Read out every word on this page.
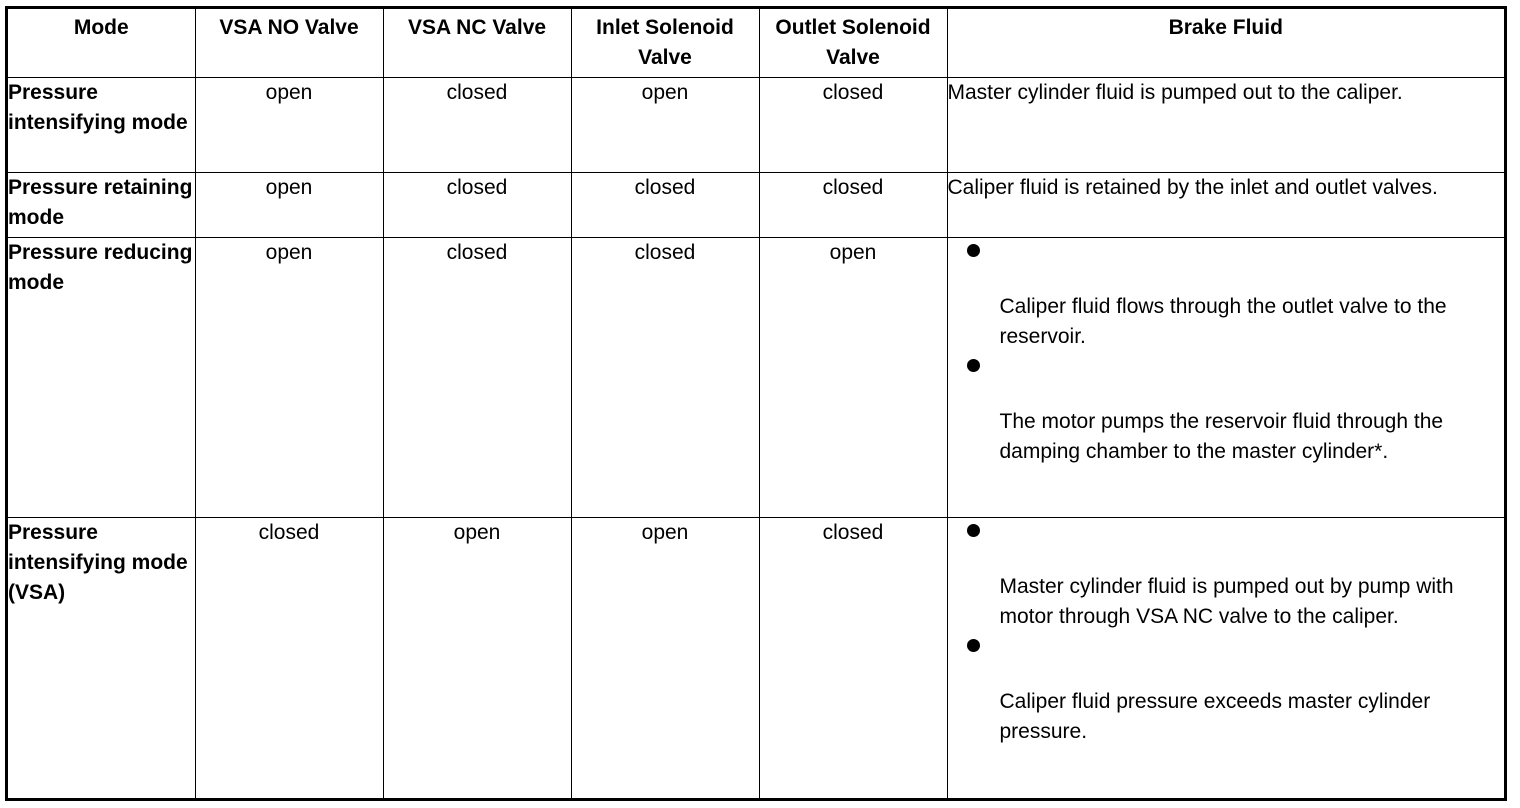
Mode	VSA NO Valve	VSA NC Valve	Inlet Solenoid Valve	Outlet Solenoid Valve	Brake Fluid
Pressure intensifying mode	open	closed	open	closed	Master cylinder fluid is pumped out to the caliper.
Pressure retaining mode	open	closed	closed	closed	Caliper fluid is retained by the inlet and outlet valves.
Pressure reducing mode	open	closed	closed	open	Caliper fluid flows through the outlet valve to the reservoir.
The motor pumps the reservoir fluid through the damping chamber to the master cylinder*.

Pressure intensifying mode (VSA)	closed	open	open	closed	Master cylinder fluid is pumped out by pump with motor through VSA NC valve to the caliper.
Caliper fluid pressure exceeds master cylinder pressure.
